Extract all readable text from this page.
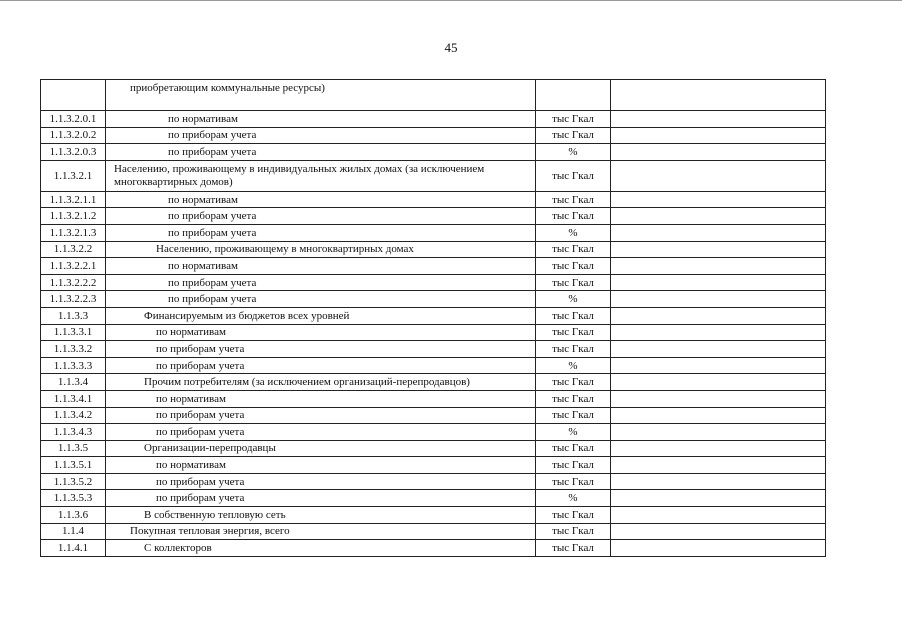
45
	приобретающим коммунальные ресурсы)		
1.1.3.2.0.1	по нормативам	тыс Гкал	
1.1.3.2.0.2	по приборам учета	тыс Гкал	
1.1.3.2.0.3	по приборам учета	%	
1.1.3.2.1	Населению, проживающему в индивидуальных жилых домах (за исключением многоквартирных домов)	тыс Гкал	
1.1.3.2.1.1	по нормативам	тыс Гкал	
1.1.3.2.1.2	по приборам учета	тыс Гкал	
1.1.3.2.1.3	по приборам учета	%	
1.1.3.2.2	Населению, проживающему в многоквартирных домах	тыс Гкал	
1.1.3.2.2.1	по нормативам	тыс Гкал	
1.1.3.2.2.2	по приборам учета	тыс Гкал	
1.1.3.2.2.3	по приборам учета	%	
1.1.3.3	Финансируемым из бюджетов всех уровней	тыс Гкал	
1.1.3.3.1	по нормативам	тыс Гкал	
1.1.3.3.2	по приборам учета	тыс Гкал	
1.1.3.3.3	по приборам учета	%	
1.1.3.4	Прочим потребителям (за исключением организаций-перепродавцов)	тыс Гкал	
1.1.3.4.1	по нормативам	тыс Гкал	
1.1.3.4.2	по приборам учета	тыс Гкал	
1.1.3.4.3	по приборам учета	%	
1.1.3.5	Организации-перепродавцы	тыс Гкал	
1.1.3.5.1	по нормативам	тыс Гкал	
1.1.3.5.2	по приборам учета	тыс Гкал	
1.1.3.5.3	по приборам учета	%	
1.1.3.6	В собственную тепловую сеть	тыс Гкал	
1.1.4	Покупная тепловая энергия, всего	тыс Гкал	
1.1.4.1	С коллекторов	тыс Гкал	
